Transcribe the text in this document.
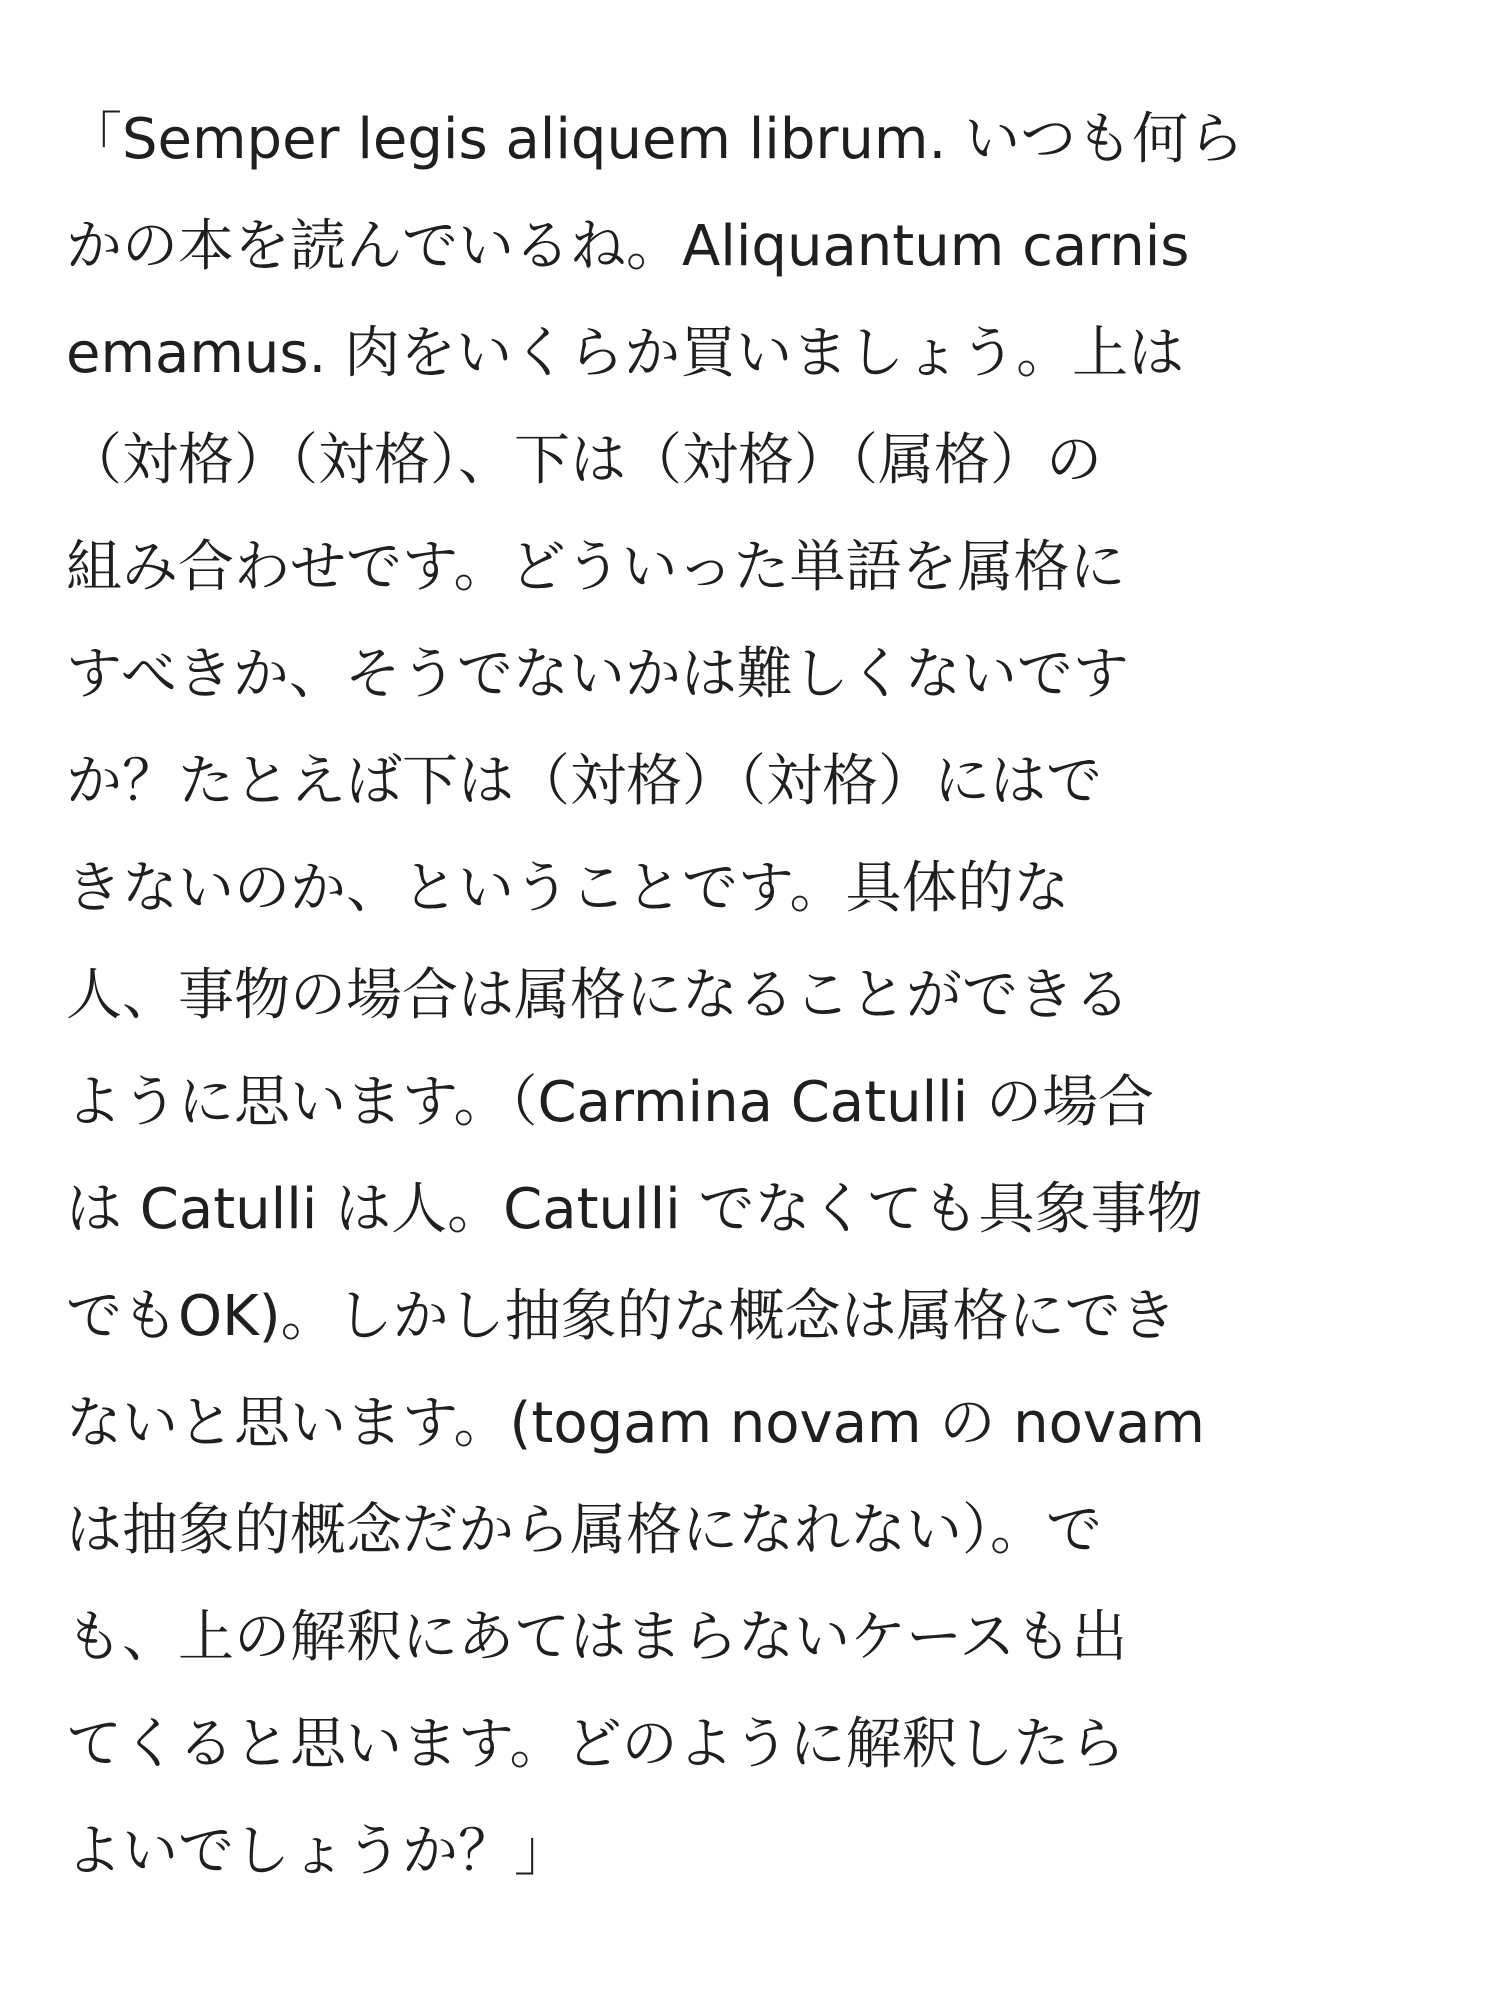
「Semper legis aliquem librum. いつも何ら
かの本を読んでいるね。Aliquantum carnis
emamus. 肉をいくらか買いましょう。上は
（対格）（対格）、下は（対格）（属格）の
組み合わせです。どういった単語を属格に
すべきか、そうでないかは難しくないです
か？たとえば下は（対格）（対格）にはで
きないのか、ということです。具体的な
人、事物の場合は属格になることができる
ように思います。（Carmina Catulli の場合
は Catulli は人。Catulli でなくても具象事物
でもOK)。しかし抽象的な概念は属格にでき
ないと思います。(togam novam の novam
は抽象的概念だから属格になれない）。で
も、上の解釈にあてはまらないケースも出
てくると思います。どのように解釈したら
よいでしょうか？」
